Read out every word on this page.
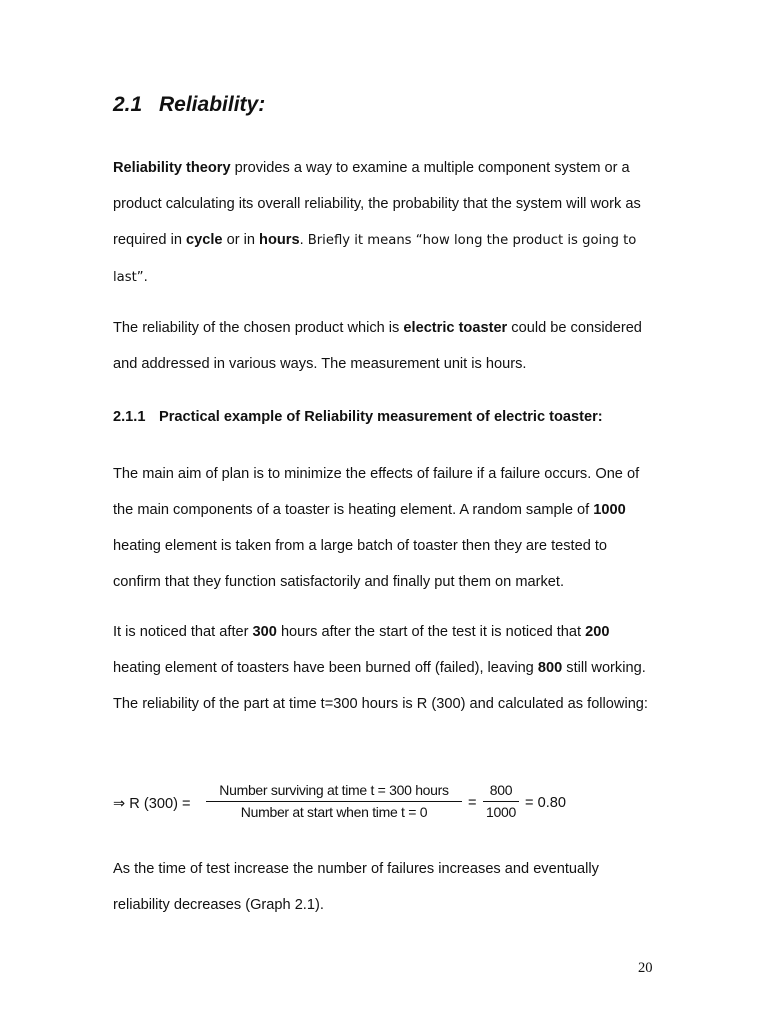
2.1 Reliability:

Reliability theory provides a way to examine a multiple component system or a product calculating its overall reliability, the probability that the system will work as required in cycle or in hours. Briefly it means “how long the product is going to last”.

The reliability of the chosen product which is electric toaster could be considered and addressed in various ways. The measurement unit is hours.

2.1.1 Practical example of Reliability measurement of electric toaster:

The main aim of plan is to minimize the effects of failure if a failure occurs. One of the main components of a toaster is heating element. A random sample of 1000 heating element is taken from a large batch of toaster then they are tested to confirm that they function satisfactorily and finally put them on market.

It is noticed that after 300 hours after the start of the test it is noticed that 200 heating element of toasters have been burned off (failed), leaving 800 still working. The reliability of the part at time t=300 hours is R (300) and calculated as following:

⇒ R (300) =
Number surviving at time t = 300 hours
Number at start when time t = 0
= $\frac{800}{1000} = 0.80$

As the time of test increase the number of failures increases and eventually reliability decreases (Graph 2.1).

20
